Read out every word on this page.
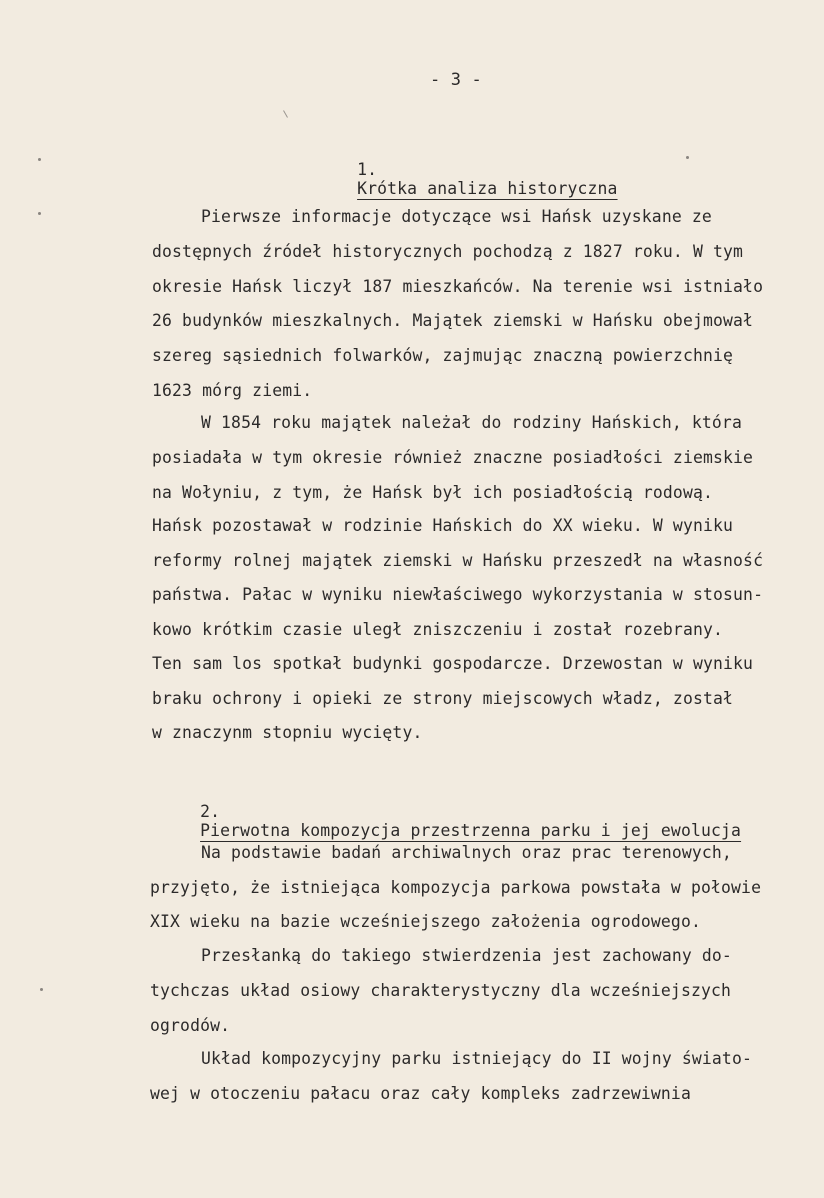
- 3 -

1.
Krótka analiza historyczna

Pierwsze informacje dotyczące wsi Hańsk uzyskane ze
dostępnych źródeł historycznych pochodzą z 1827 roku. W tym
okresie Hańsk liczył 187 mieszkańców. Na terenie wsi istniało
26 budynków mieszkalnych. Majątek ziemski w Hańsku obejmował
szereg sąsiednich folwarków, zajmując znaczną powierzchnię
1623 mórg ziemi.
W 1854 roku majątek należał do rodziny Hańskich, która
posiadała w tym okresie również znaczne posiadłości ziemskie
na Wołyniu, z tym, że Hańsk był ich posiadłością rodową.
Hańsk pozostawał w rodzinie Hańskich do XX wieku. W wyniku
reformy rolnej majątek ziemski w Hańsku przeszedł na własność
państwa. Pałac w wyniku niewłaściwego wykorzystania w stosun-
kowo krótkim czasie uległ zniszczeniu i został rozebrany.
Ten sam los spotkał budynki gospodarcze. Drzewostan w wyniku
braku ochrony i opieki ze strony miejscowych władz, został
w znaczynm stopniu wycięty.

2.
Pierwotna kompozycja przestrzenna parku i jej ewolucja

Na podstawie badań archiwalnych oraz prac terenowych,
przyjęto, że istniejąca kompozycja parkowa powstała w połowie
XIX wieku na bazie wcześniejszego założenia ogrodowego.
Przesłanką do takiego stwierdzenia jest zachowany do-
tychczas układ osiowy charakterystyczny dla wcześniejszych
ogrodów.
Układ kompozycyjny parku istniejący do II wojny świato-
wej w otoczeniu pałacu oraz cały kompleks zadrzewiwnia
